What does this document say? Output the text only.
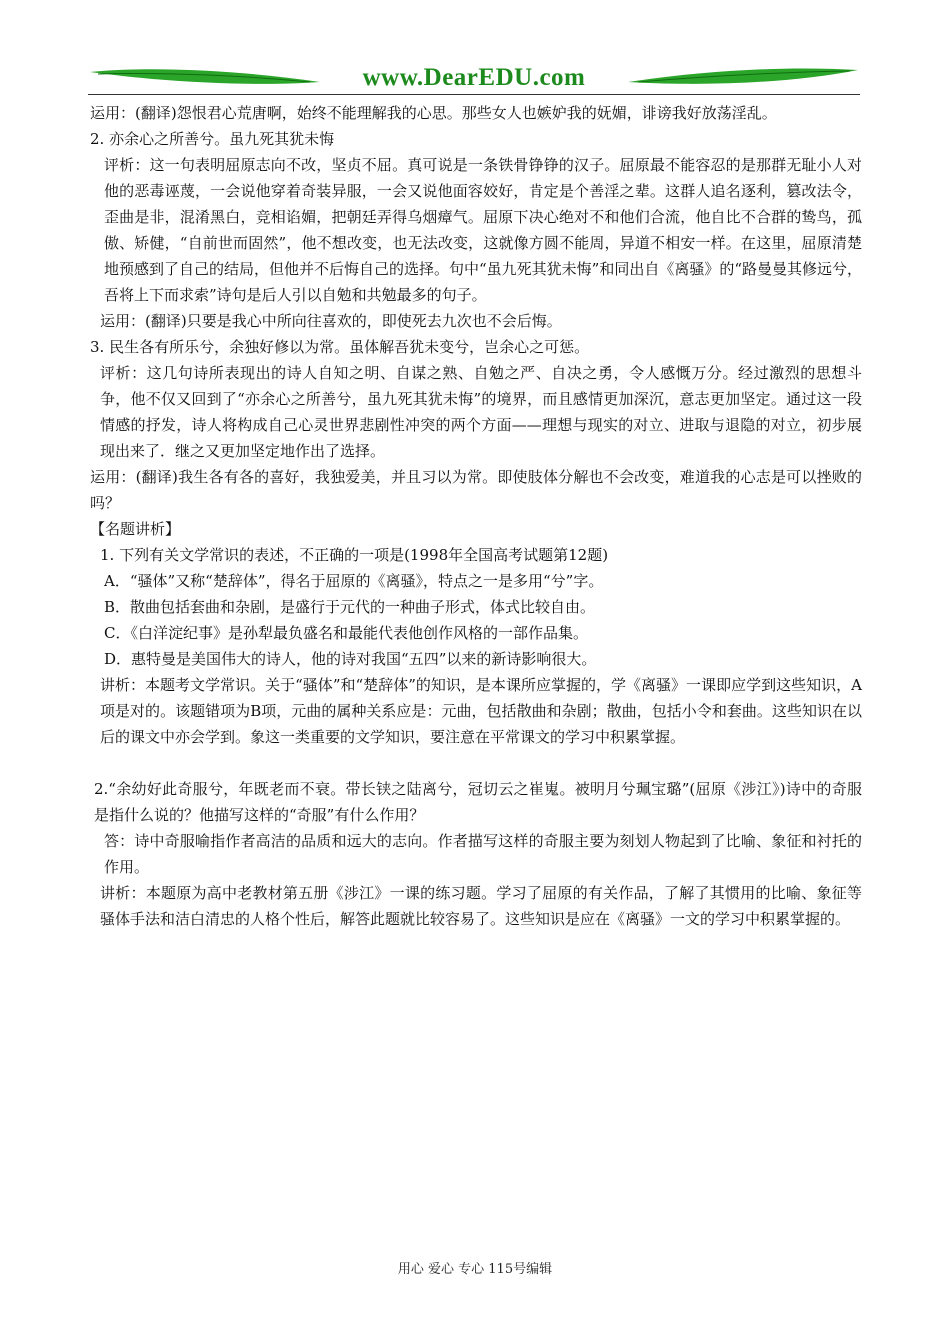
www.DearEDU.com

运用：(翻译)怨恨君心荒唐啊，始终不能理解我的心思。那些女人也嫉妒我的妩媚，诽谤我好放荡淫乱。

2. 亦余心之所善兮。虽九死其犹未悔

评析：这一句表明屈原志向不改，坚贞不屈。真可说是一条铁骨铮铮的汉子。屈原最不能容忍的是那群无耻小人对他的恶毒诬蔑，一会说他穿着奇装异服，一会又说他面容姣好，肯定是个善淫之辈。这群人追名逐利，篡改法令，歪曲是非，混淆黑白，竞相谄媚，把朝廷弄得乌烟瘴气。屈原下决心绝对不和他们合流，他自比不合群的鸷鸟，孤傲、矫健，“自前世而固然”，他不想改变，也无法改变，这就像方圆不能周，异道不相安一样。在这里，屈原清楚地预感到了自己的结局，但他并不后悔自己的选择。句中“虽九死其犹未悔”和同出自《离骚》的“路曼曼其修远兮，吾将上下而求索”诗句是后人引以自勉和共勉最多的句子。

运用：(翻译)只要是我心中所向往喜欢的，即使死去九次也不会后悔。

3. 民生各有所乐兮，余独好修以为常。虽体解吾犹未变兮，岂余心之可惩。

评析：这几句诗所表现出的诗人自知之明、自谋之熟、自勉之严、自决之勇，令人感慨万分。经过激烈的思想斗争，他不仅又回到了“亦余心之所善兮，虽九死其犹未悔”的境界，而且感情更加深沉，意志更加坚定。通过这一段情感的抒发，诗人将构成自己心灵世界悲剧性冲突的两个方面——理想与现实的对立、进取与退隐的对立，初步展现出来了．继之又更加坚定地作出了选择。

运用：(翻译)我生各有各的喜好，我独爱美，并且习以为常。即使肢体分解也不会改变，难道我的心志是可以挫败的吗？

【名题讲析】

1. 下列有关文学常识的表述，不正确的一项是(1998年全国高考试题第12题)

A．“骚体”又称“楚辞体”，得名于屈原的《离骚》，特点之一是多用“兮”字。

B．散曲包括套曲和杂剧，是盛行于元代的一种曲子形式，体式比较自由。

C．《白洋淀纪事》是孙犁最负盛名和最能代表他创作风格的一部作品集。

D．惠特曼是美国伟大的诗人，他的诗对我国“五四”以来的新诗影响很大。

讲析：本题考文学常识。关于“骚体”和“楚辞体”的知识，是本课所应掌握的，学《离骚》一课即应学到这些知识，A项是对的。该题错项为B项，元曲的属种关系应是：元曲，包括散曲和杂剧；散曲，包括小令和套曲。这些知识在以后的课文中亦会学到。象这一类重要的文学知识，要注意在平常课文的学习中积累掌握。

2.“余幼好此奇服兮，年既老而不衰。带长铗之陆离兮，冠切云之崔嵬。被明月兮珮宝璐”(屈原《涉江》)诗中的奇服是指什么说的？他描写这样的“奇服”有什么作用？

答：诗中奇服喻指作者高洁的品质和远大的志向。作者描写这样的奇服主要为刻划人物起到了比喻、象征和衬托的作用。

讲析：本题原为高中老教材第五册《涉江》一课的练习题。学习了屈原的有关作品，了解了其惯用的比喻、象征等骚体手法和洁白清忠的人格个性后，解答此题就比较容易了。这些知识是应在《离骚》一文的学习中积累掌握的。

用心 爱心 专心 115号编辑
